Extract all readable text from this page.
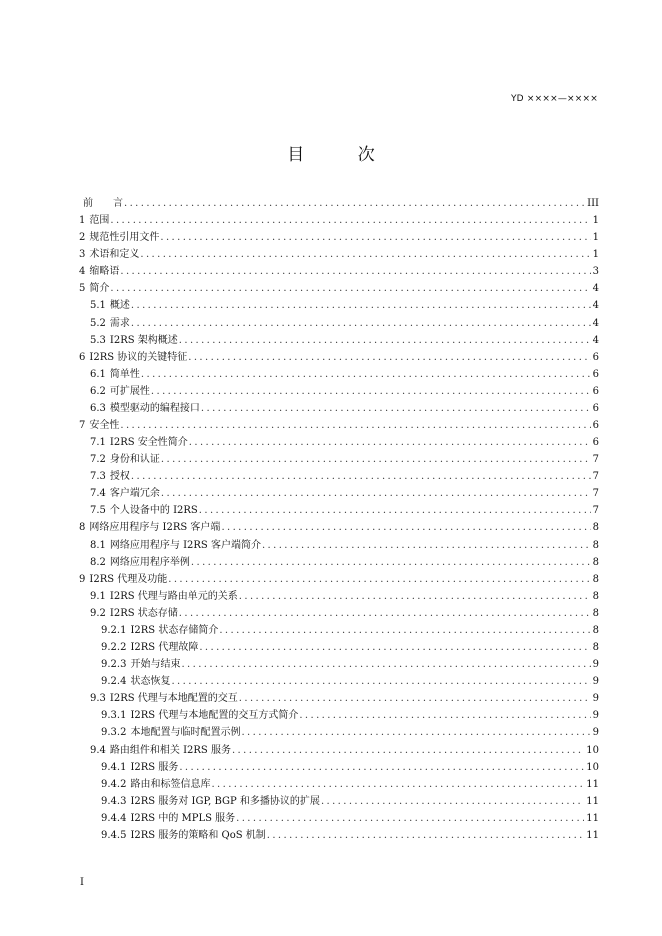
YD ××××—××××
目 次
前　　言 .....	III
1 范围 .....	1
2 规范性引用文件 .....	1
3 术语和定义 .....	1
4 缩略语 .....	3
5 简介 .....	4
5.1 概述 .....	4
5.2 需求 .....	4
5.3 I2RS 架构概述 .....	4
6 I2RS 协议的关键特征 .....	6
6.1 简单性 .....	6
6.2 可扩展性 .....	6
6.3 模型驱动的编程接口 .....	6
7 安全性 .....	6
7.1 I2RS 安全性简介 .....	6
7.2 身份和认证 .....	7
7.3 授权 .....	7
7.4 客户端冗余 .....	7
7.5 个人设备中的 I2RS .....	7
8 网络应用程序与 I2RS 客户端 .....	8
8.1 网络应用程序与 I2RS 客户端简介 .....	8
8.2 网络应用程序举例 .....	8
9 I2RS 代理及功能 .....	8
9.1 I2RS 代理与路由单元的关系 .....	8
9.2 I2RS 状态存储 .....	8
9.2.1 I2RS 状态存储简介 .....	8
9.2.2 I2RS 代理故障 .....	8
9.2.3 开始与结束 .....	9
9.2.4 状态恢复 .....	9
9.3 I2RS 代理与本地配置的交互 .....	9
9.3.1 I2RS 代理与本地配置的交互方式简介 .....	9
9.3.2 本地配置与临时配置示例 .....	9
9.4 路由组件和相关 I2RS 服务 .....	10
9.4.1 I2RS 服务 .....	10
9.4.2 路由和标签信息库 .....	11
9.4.3 I2RS 服务对 IGP, BGP 和多播协议的扩展 .....	11
9.4.4 I2RS 中的 MPLS 服务 .....	11
9.4.5 I2RS 服务的策略和 QoS 机制 .....	11
I
